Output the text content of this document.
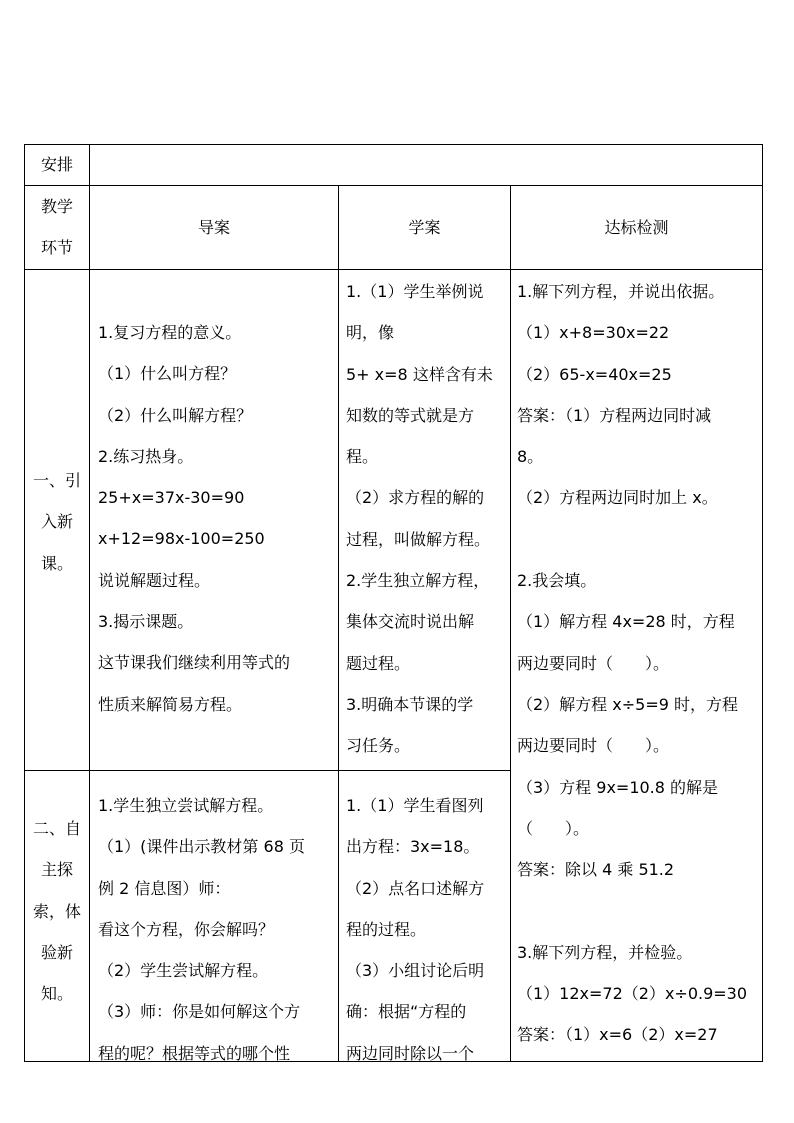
安排

教学

环节

导案	学案	达标检测

一、引

入新

课。

1.复习方程的意义。

（1）什么叫方程？

（2）什么叫解方程？

2.练习热身。

25+x=37x-30=90

x+12=98x-100=250

说说解题过程。

3.揭示课题。

这节课我们继续利用等式的

性质来解简易方程。

1.（1）学生举例说

明，像

5+ x=8 这样含有未

知数的等式就是方

程。

（2）求方程的解的

过程，叫做解方程。

2.学生独立解方程，

集体交流时说出解

题过程。

3.明确本节课的学

习任务。

二、自

主探

索，体

验新

知。

1.学生独立尝试解方程。

（1）(课件出示教材第 68 页

例 2 信息图）师：

看这个方程，你会解吗？

（2）学生尝试解方程。

（3）师：你是如何解这个方

程的呢？根据等式的哪个性

1.（1）学生看图列

出方程：3x=18。

（2）点名口述解方

程的过程。

（3）小组讨论后明

确：根据“方程的

两边同时除以一个

1.解下列方程，并说出依据。

（1）x+8=30x=22

（2）65-x=40x=25

答案：（1）方程两边同时减

8。

（2）方程两边同时加上 x。

2.我会填。

（1）解方程 4x=28 时，方程

两边要同时（　　）。

（2）解方程 x÷5=9 时，方程

两边要同时（　　）。

（3）方程 9x=10.8 的解是

（　　）。

答案：除以 4 乘 51.2

3.解下列方程，并检验。

（1）12x=72（2）x÷0.9=30

答案：（1）x=6（2）x=27
